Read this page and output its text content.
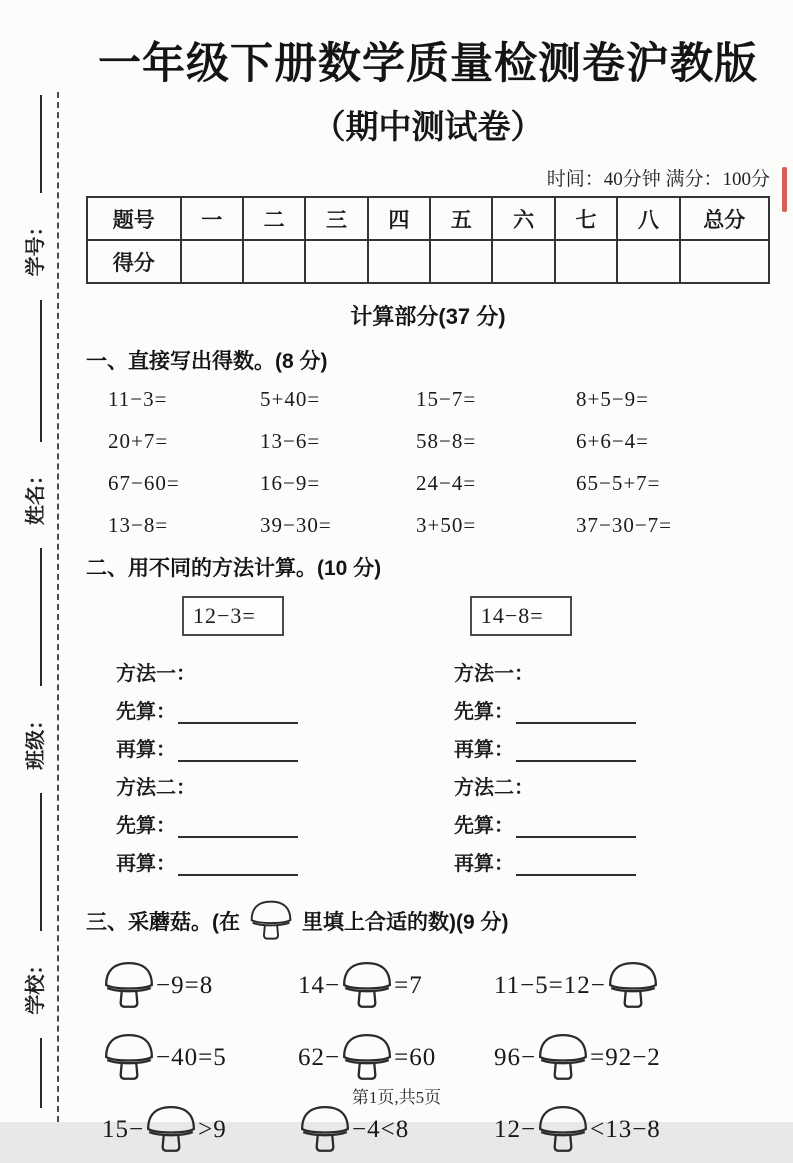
学校：
班级：
姓名：
学号：
一年级下册数学质量检测卷沪教版
（期中测试卷）
时间：40分钟 满分：100分
题号	一	二	三	四	五	六	七	八	总分
得分									
计算部分(37 分)
一、直接写出得数。(8 分)
11−3=	5+40=	15−7=	8+5−9=
20+7=	13−6=	58−8=	6+6−4=
67−60=	16−9=	24−4=	65−5+7=
13−8=	39−30=	3+50=	37−30−7=
二、用不同的方法计算。(10 分)
12−3=	14−8=
方法一：
先算：
再算：
方法二：
先算：
再算：
方法一：
先算：
再算：
方法二：
先算：
再算：
三、采蘑菇。(在	里填上合适的数)(9 分)
−9=8	14− =7	11−5=12−
−40=5	62− =60 96− =92−2
15− >9	−4<8	12− <13−8
第1页,共5页
